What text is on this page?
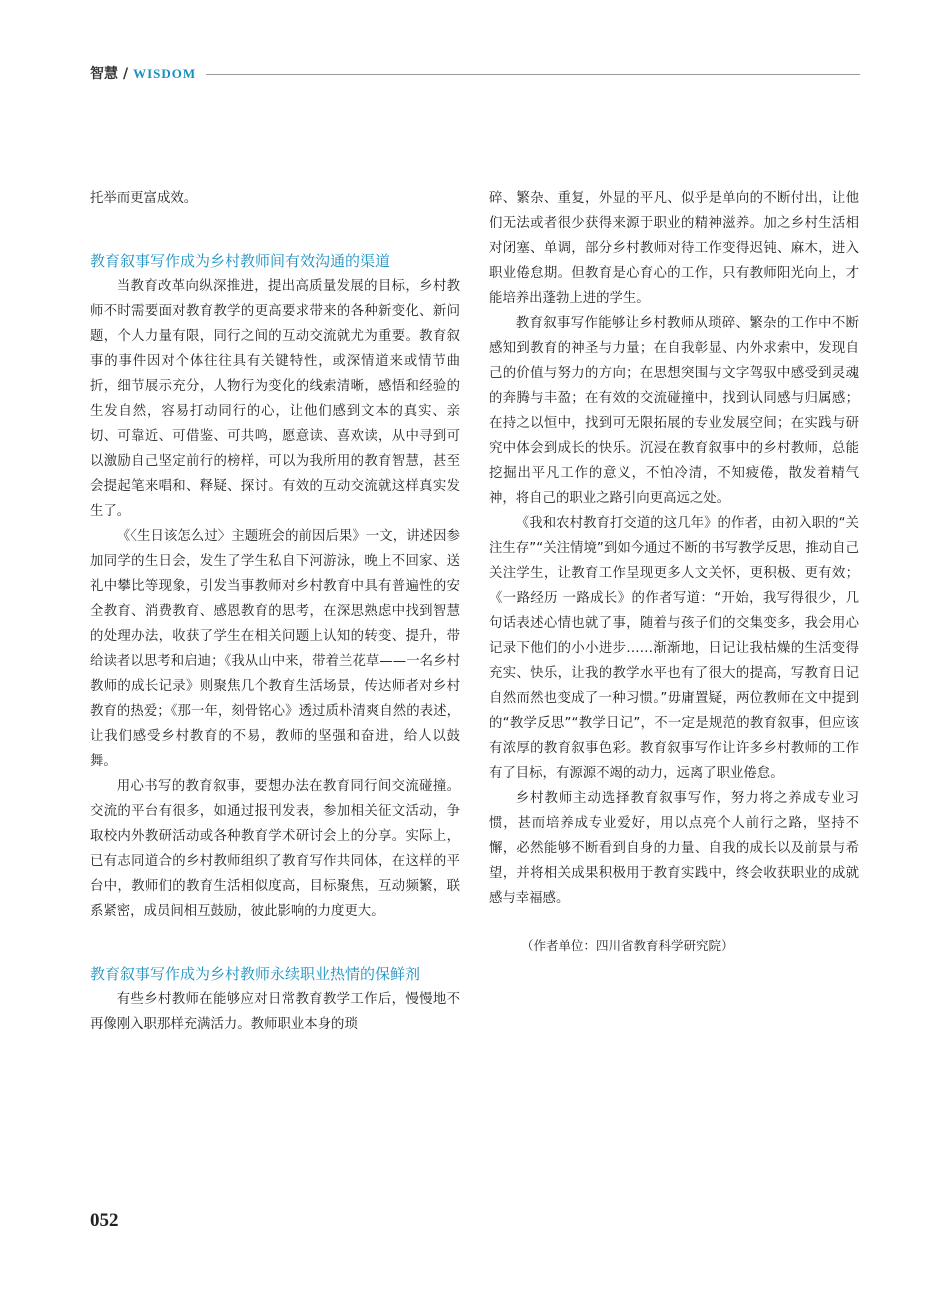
智慧 / WISDOM

托举而更富成效。

教育叙事写作成为乡村教师间有效沟通的渠道

当教育改革向纵深推进，提出高质量发展的目标，乡村教师不时需要面对教育教学的更高要求带来的各种新变化、新问题，个人力量有限，同行之间的互动交流就尤为重要。教育叙事的事件因对个体往往具有关键特性，或深情道来或情节曲折，细节展示充分，人物行为变化的线索清晰，感悟和经验的生发自然，容易打动同行的心，让他们感到文本的真实、亲切、可靠近、可借鉴、可共鸣，愿意读、喜欢读，从中寻到可以激励自己坚定前行的榜样，可以为我所用的教育智慧，甚至会提起笔来唱和、释疑、探讨。有效的互动交流就这样真实发生了。

《〈生日该怎么过〉主题班会的前因后果》一文，讲述因参加同学的生日会，发生了学生私自下河游泳，晚上不回家、送礼中攀比等现象，引发当事教师对乡村教育中具有普遍性的安全教育、消费教育、感恩教育的思考，在深思熟虑中找到智慧的处理办法，收获了学生在相关问题上认知的转变、提升，带给读者以思考和启迪；《我从山中来，带着兰花草——一名乡村教师的成长记录》则聚焦几个教育生活场景，传达师者对乡村教育的热爱；《那一年，刻骨铭心》透过质朴清爽自然的表述，让我们感受乡村教育的不易，教师的坚强和奋进，给人以鼓舞。

用心书写的教育叙事，要想办法在教育同行间交流碰撞。交流的平台有很多，如通过报刊发表，参加相关征文活动，争取校内外教研活动或各种教育学术研讨会上的分享。实际上，已有志同道合的乡村教师组织了教育写作共同体，在这样的平台中，教师们的教育生活相似度高，目标聚焦，互动频繁，联系紧密，成员间相互鼓励，彼此影响的力度更大。

教育叙事写作成为乡村教师永续职业热情的保鲜剂

有些乡村教师在能够应对日常教育教学工作后，慢慢地不再像刚入职那样充满活力。教师职业本身的琐

碎、繁杂、重复，外显的平凡、似乎是单向的不断付出，让他们无法或者很少获得来源于职业的精神滋养。加之乡村生活相对闭塞、单调，部分乡村教师对待工作变得迟钝、麻木，进入职业倦怠期。但教育是心育心的工作，只有教师阳光向上，才能培养出蓬勃上进的学生。

教育叙事写作能够让乡村教师从琐碎、繁杂的工作中不断感知到教育的神圣与力量；在自我彰显、内外求索中，发现自己的价值与努力的方向；在思想突围与文字驾驭中感受到灵魂的奔腾与丰盈；在有效的交流碰撞中，找到认同感与归属感；在持之以恒中，找到可无限拓展的专业发展空间；在实践与研究中体会到成长的快乐。沉浸在教育叙事中的乡村教师，总能挖掘出平凡工作的意义，不怕冷清，不知疲倦，散发着精气神，将自己的职业之路引向更高远之处。

《我和农村教育打交道的这几年》的作者，由初入职的“关注生存”“关注情境”到如今通过不断的书写教学反思，推动自己关注学生，让教育工作呈现更多人文关怀，更积极、更有效；《一路经历 一路成长》的作者写道：“开始，我写得很少，几句话表述心情也就了事，随着与孩子们的交集变多，我会用心记录下他们的小小进步……渐渐地，日记让我枯燥的生活变得充实、快乐，让我的教学水平也有了很大的提高，写教育日记自然而然也变成了一种习惯。”毋庸置疑，两位教师在文中提到的“教学反思”“教学日记”，不一定是规范的教育叙事，但应该有浓厚的教育叙事色彩。教育叙事写作让许多乡村教师的工作有了目标，有源源不竭的动力，远离了职业倦怠。

乡村教师主动选择教育叙事写作，努力将之养成专业习惯，甚而培养成专业爱好，用以点亮个人前行之路，坚持不懈，必然能够不断看到自身的力量、自我的成长以及前景与希望，并将相关成果积极用于教育实践中，终会收获职业的成就感与幸福感。

（作者单位：四川省教育科学研究院）

052
